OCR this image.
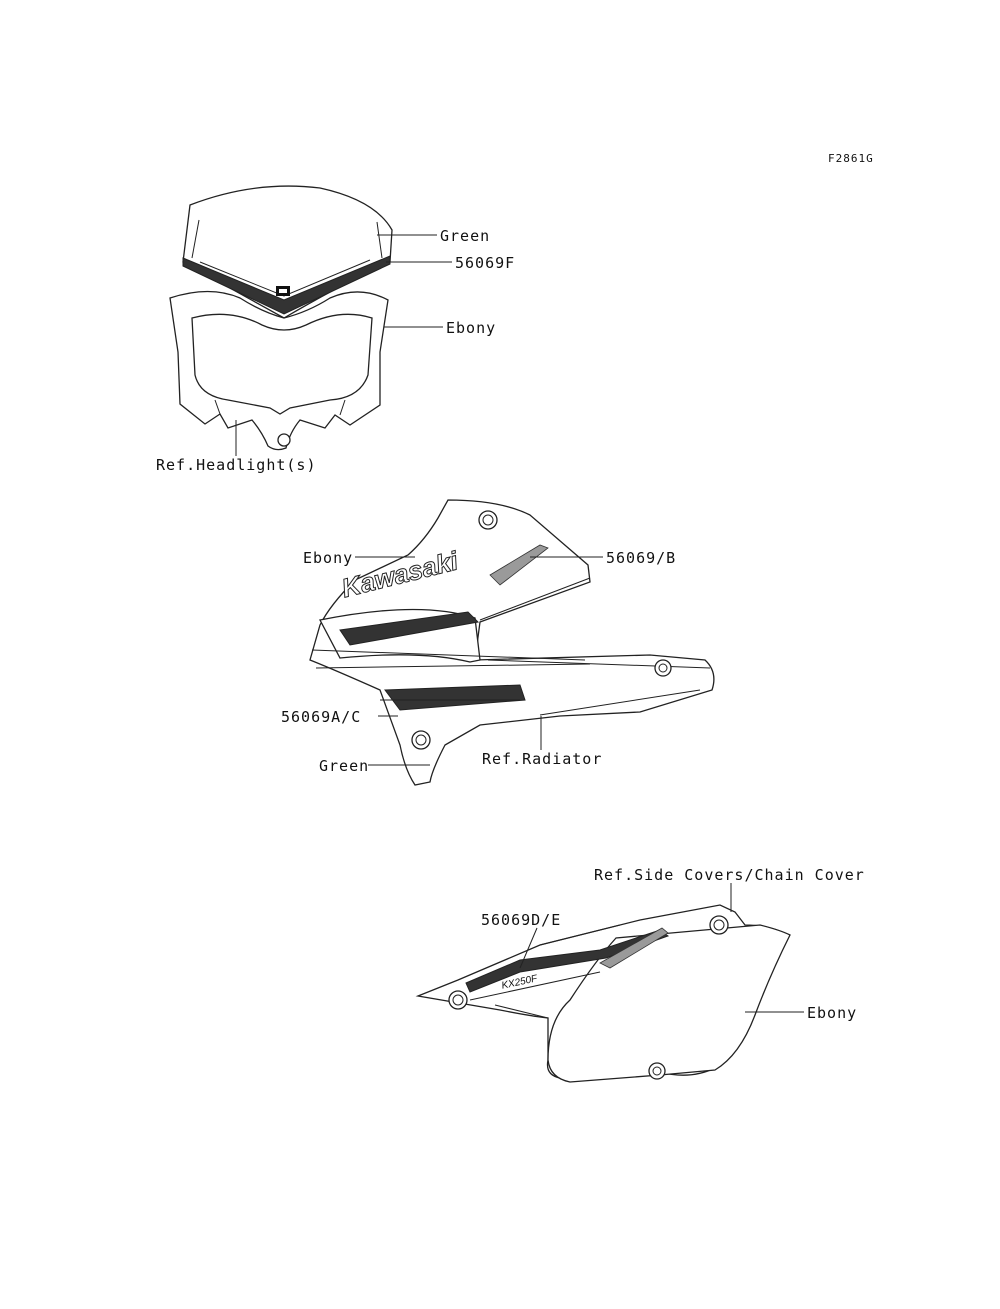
Kawasaki
KX250F
F2861G
Green
56069F
Ebony
Ref.Headlight(s)
Ebony	56069/B
56069A/C
Green	Ref.Radiator
Ref.Side Covers/Chain Cover
56069D/E
Ebony
